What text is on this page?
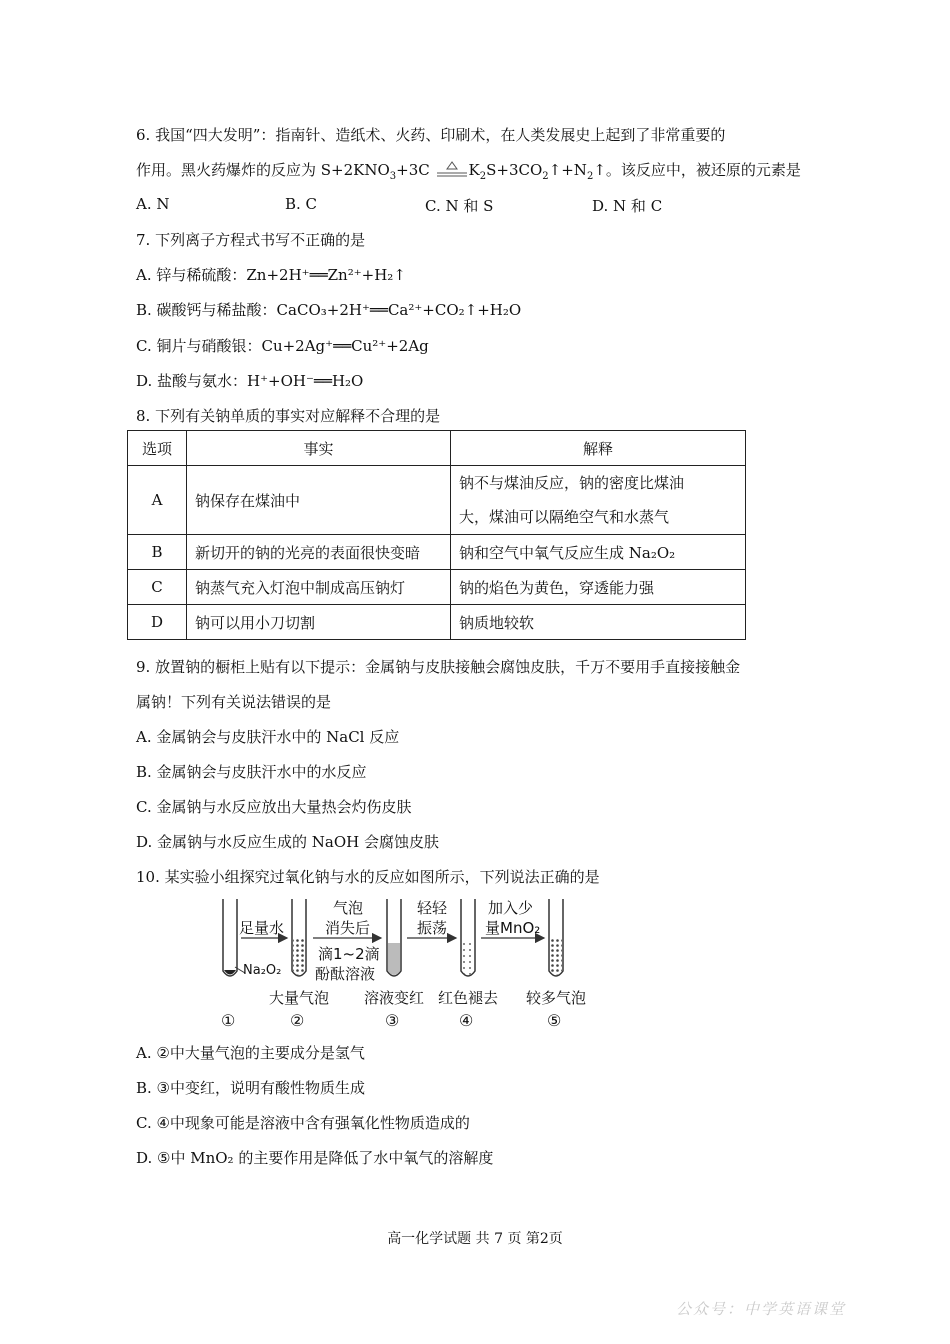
6. 我国“四大发明”：指南针、造纸术、火药、印刷术，在人类发展史上起到了非常重要的
作用。黑火药爆炸的反应为 $S+2KNO_3+3C$
$K_2S+3CO_2↑+N_2↑$。该反应中，被还原的元素是
A. N	B. C	C. N 和 S	D. N 和 C
7. 下列离子方程式书写不正确的是
A. 锌与稀硫酸：Zn+2H⁺══Zn²⁺+H₂↑
B. 碳酸钙与稀盐酸：CaCO₃+2H⁺══Ca²⁺+CO₂↑+H₂O
C. 铜片与硝酸银：Cu+2Ag⁺══Cu²⁺+2Ag
D. 盐酸与氨水：H⁺+OH⁻══H₂O
8. 下列有关钠单质的事实对应解释不合理的是
选项	事实	解释
A	钠保存在煤油中	钠不与煤油反应，钠的密度比煤油
大，煤油可以隔绝空气和水蒸气

B	新切开的钠的光亮的表面很快变暗	钠和空气中氧气反应生成 Na₂O₂
C	钠蒸气充入灯泡中制成高压钠灯	钠的焰色为黄色，穿透能力强
D	钠可以用小刀切割	钠质地较软
9. 放置钠的橱柜上贴有以下提示：金属钠与皮肤接触会腐蚀皮肤，千万不要用手直接接触金
属钠！下列有关说法错误的是
A. 金属钠会与皮肤汗水中的 NaCl 反应
B. 金属钠会与皮肤汗水中的水反应
C. 金属钠与水反应放出大量热会灼伤皮肤
D. 金属钠与水反应生成的 NaOH 会腐蚀皮肤
10. 某实验小组探究过氧化钠与水的反应如图所示，下列说法正确的是
足量水
Na₂O₂
气泡
消失后
滴1~2滴
酚酞溶液
轻轻
振荡
加入少
量MnO₂
大量气泡 溶液变红 红色褪去 较多气泡
①	②	③	④	⑤
A. ②中大量气泡的主要成分是氢气
B. ③中变红，说明有酸性物质生成
C. ④中现象可能是溶液中含有强氧化性物质造成的
D. ⑤中 MnO₂ 的主要作用是降低了水中氧气的溶解度
高一化学试题 共 7 页 第2页
公众号：中学英语课堂
